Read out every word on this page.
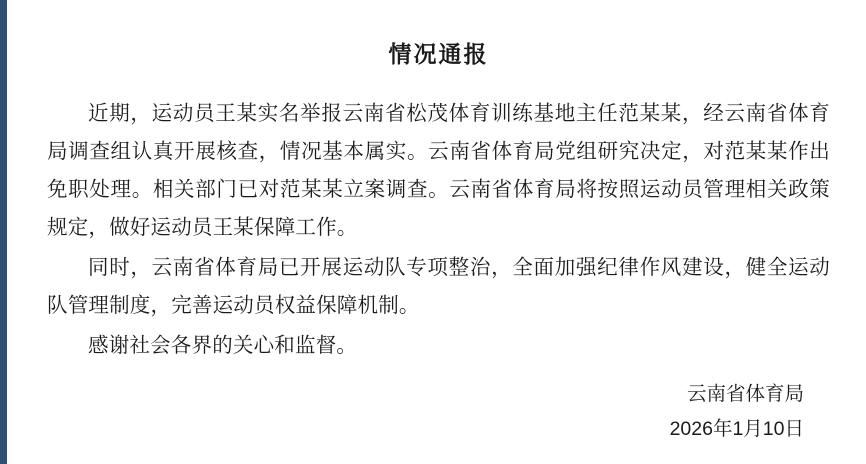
情况通报

近期，运动员王某实名举报云南省松茂体育训练基地主任范某某，经云南省体育局调查组认真开展核查，情况基本属实。云南省体育局党组研究决定，对范某某作出免职处理。相关部门已对范某某立案调查。云南省体育局将按照运动员管理相关政策规定，做好运动员王某保障工作。

同时，云南省体育局已开展运动队专项整治，全面加强纪律作风建设，健全运动队管理制度，完善运动员权益保障机制。

感谢社会各界的关心和监督。

云南省体育局
2026年1月10日
